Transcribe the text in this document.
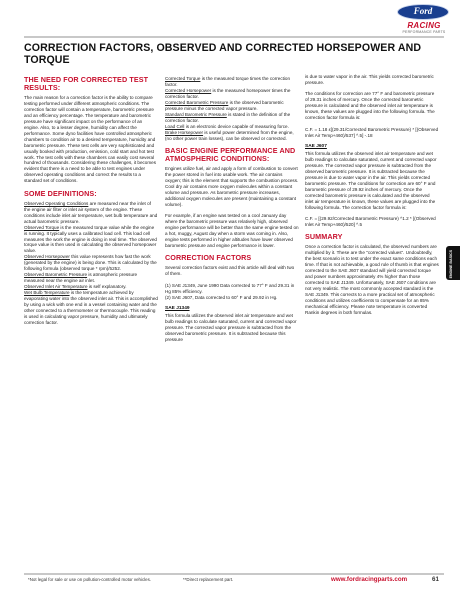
Ford
RACING
PERFORMANCE PARTS
CORRECTION FACTORS, OBSERVED AND CORRECTED HORSEPOWER AND TORQUE
THE NEED FOR CORRECTED TEST RESULTS:

The main reason for a correction factor is the ability to compare testing performed under different atmospheric conditions. The correction factor will contain a temperature, barometric pressure and an efficiency percentage. The temperature and barometric pressure have significant impact on the performance of an engine. Also, to a lesser degree, humidity can affect the performance. Some dyno facilities have controlled atmospheric chambers to condition air to a desired temperature, humidity and barometric pressure. These test cells are very sophisticated and usually booked with production, emission, cold start and hot test work. The test cells with these chambers can easily cost several hundred of thousands. Considering these challenges, it becomes evident that there is a need to be able to test engines under observed operating conditions and correct the results to a standard set of conditions.

SOME DEFINITIONS:
Observed Operating Conditions are measured near the inlet of the engine air filter or inlet air system of the engine. These conditions include inlet air temperature, wet bulb temperature and actual barometric pressure.
Observed Torque is the measured torque value while the engine is running. It typically uses a calibrated load cell. This load cell measures the work the engine is doing in real time. The observed torque value is then used in calculating the observed horsepower value.
Observed Horsepower this value represents how fast the work (generated by the engine) is being done. This is calculated by the following formula (observed torque * rpm)/5252.
Observed Barometric Pressure is atmospheric pressure measured near the engine air inlet.
Observed Inlet Air Temperature is self explanatory.
Wet Bulb Temperature is the temperature achieved by evaporating water into the observed inlet air. This is accomplished by using a wick with one end in a vessel containing water and the other connected to a thermometer or thermocouple. This reading is used in calculating vapor pressure, humidity and ultimately correction factor.
Corrected Torque is the measured torque times the correction factor.
Corrected Horsepower is the measured horsepower times the correction factor.
Corrected Barometric Pressure is the observed barometric pressure minus the corrected vapor pressure.
Standard Barometric Pressure is stated in the definition of the correction factor.
Load Cell is an electronic device capable of measuring force.

Brake Horsepower is useful power determined from the engine, (no other power train losses), can be observed or corrected.

BASIC ENGINE PERFORMANCE AND ATMOSPHERIC CONDITIONS:

Engines utilize fuel, air and apply a form of combustion to convert the power stored in fuel into usable work. The air contains oxygen; this is the element that supports the combustion process. Cool dry air contains more oxygen molecules within a constant volume and pressure. As barometric pressure increases, additional oxygen molecules are present (maintaining a constant volume).

For example, if an engine was tested on a cool January day where the barometric pressure was relatively high, observed engine performance will be better than the same engine tested on a hot, muggy, August day when a storm was coming in. Also, engine tests performed in higher altitudes have lower observed barometric pressure and engine performance is lower.

CORRECTION FACTORS

Several correction factors exist and this article will deal with two of them.

(1) SAE J1349, June 1990 Data corrected to 77° F and 29.31 in Hg 85% efficiency.

(2) SAE J607, Data corrected to 60° F and 29.92 in Hg.

SAE J1349

This formula utilizes the observed inlet air temperature and wet bulb readings to calculate saturated, current and corrected vapor pressure. The corrected vapor pressure is subtracted from the observed barometric pressure. It is subtracted because this pressure

is due to water vapor in the air. This yields corrected barometric pressure.

The conditions for correction are 77° F and barometric pressure of 29.31 inches of mercury. Once the corrected barometric pressure is calculated and the observed inlet air temperature is known, these values are plugged into the following formula. The correction factor formula is:

C.F. = 1.18 ε[(29.31/Corrected Barometric Pressure) * [(Observed Inlet Air Temp+460)/537] ^.5] -.18

SAE J607

This formula utilizes the observed inlet air temperature and wet bulb readings to calculate saturated, current and corrected vapor pressure. The corrected vapor pressure is subtracted from the observed barometric pressure. It is subtracted because the pressure is due to water vapor in the air. This yields corrected barometric pressure. The conditions for correction are 60° F and barometric pressure of 29.92 inches of mercury. Once the corrected barometric pressure is calculated and the observed inlet air temperature is known, these values are plugged into the following formula. The correction factor formula is:

C.F. = [(29.92/Corrected Barometric Pressure) ^1.2 * [(Observed Inlet Air Temp+460)/520] ^.5

SUMMARY

Once a correction factor is calculated, the observed numbers are multiplied by it. These are the "corrected values". Undoubtedly, the best scenario is to test under the exact same conditions each time. If that is not achievable, a good rule of thumb is that engines corrected to the SAE J607 standard will yield corrected torque and power numbers approximately 4% higher than those corrected to SAE J1349. Unfortunately, SAE J607 conditions are not very realistic. The most commonly accepted standard is the SAE J1349. This corrects to a more practical set of atmospheric conditions and utilizes coefficients to compensate for an 85% mechanical efficiency. Please note temperature is converted Rankin degrees in both formulas.

ENGINE BASICS
*Not legal for sale or use on pollution-controlled motor vehicles.	**Direct replacement part.	www.fordracingparts.com	61
